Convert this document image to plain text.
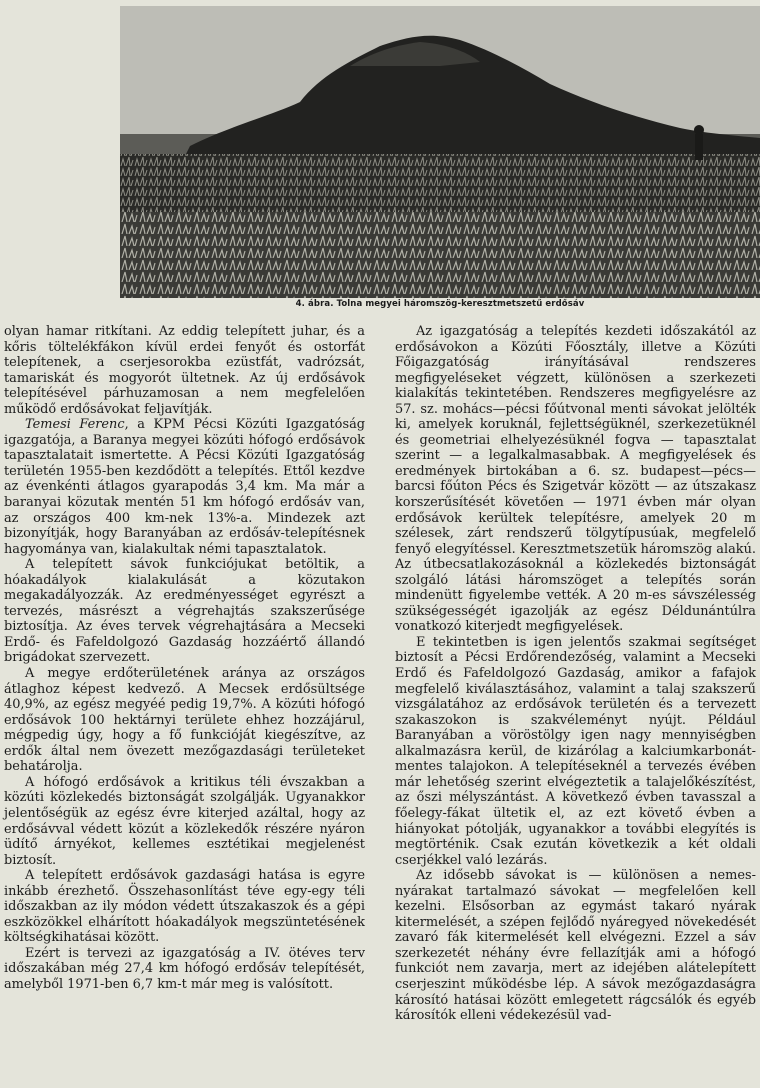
4. ábra. Tolna megyei háromszög-keresztmetszetű erdősáv

olyan hamar ritkítani. Az eddig telepített juhar, és a kőris töltelékfákon kívül erdei fenyőt és ostorfát telepítenek, a cserjesorokba ezüstfát, vadrózsát, tamariskát és mogyorót ültetnek. Az új erdősávok telepítésével párhuzamosan a nem megfelelően működő erdősávokat feljavítják.

Temesi Ferenc, a KPM Pécsi Közúti Igazgatóság igazgatója, a Baranya megyei közúti hófogó erdősávok tapasztalatait ismertette. A Pécsi Közúti Igazgatóság területén 1955-ben kezdődött a telepítés. Ettől kezdve az évenkénti átlagos gyarapodás 3,4 km. Ma már a baranyai közutak mentén 51 km hófogó erdősáv van, az országos 400 km-nek 13%-a. Mindezek azt bizonyítják, hogy Baranyában az erdősáv-telepítésnek hagyománya van, kialakultak némi tapasztalatok.

A telepített sávok funkciójukat betöltik, a hóakadályok kialakulását a közutakon megakadályozzák. Az eredményességet egyrészt a tervezés, másrészt a végrehajtás szakszerűsége biztosítja. Az éves tervek végrehajtására a Mecseki Erdő- és Fafeldolgozó Gazdaság hozzáértő állandó brigádokat szervezett.

A megye erdőterületének aránya az országos átlaghoz képest kedvező. A Mecsek erdősültsége 40,9%, az egész megyéé pedig 19,7%. A közúti hófogó erdősávok 100 hektárnyi területe ehhez hozzájárul, mégpedig úgy, hogy a fő funkcióját kiegészítve, az erdők által nem övezett mezőgazdasági területeket behatárolja.

A hófogó erdősávok a kritikus téli évszakban a közúti közlekedés biztonságát szolgálják. Ugyanakkor jelentőségük az egész évre kiterjed azáltal, hogy az erdősávval védett közút a közlekedők részére nyáron üdítő árnyékot, kellemes esztétikai megjelenést biztosít.

A telepített erdősávok gazdasági hatása is egyre inkább érezhető. Összehasonlítást téve egy-egy téli időszakban az ily módon védett útszakaszok és a gépi eszközökkel elhárított hóakadályok megszüntetésének költségkihatásai között.

Ezért is tervezi az igazgatóság a IV. ötéves terv időszakában még 27,4 km hófogó erdősáv telepítését, amelyből 1971-ben 6,7 km-t már meg is valósított.

Az igazgatóság a telepítés kezdeti időszakától az erdősávokon a Közúti Főosztály, illetve a Közúti Főigazgatóság irányításával rendszeres megfigyeléseket végzett, különösen a szerkezeti kialakítás tekintetében. Rendszeres megfigyelésre az 57. sz. mohács—pécsi főútvonal menti sávokat jelölték ki, amelyek koruknál, fejlettségüknél, szerkezetüknél és geometriai elhelyezésüknél fogva — tapasztalat szerint — a legalkalmasabbak. A megfigyelések és eredmények birtokában a 6. sz. budapest—pécs—barcsi főúton Pécs és Szigetvár között — az útszakasz korszerűsítését követően — 1971 évben már olyan erdősávok kerültek telepítésre, amelyek 20 m szélesek, zárt rendszerű tölgytípusúak, megfelelő fenyő elegyítéssel. Keresztmetszetük háromszög alakú. Az útbecsatlakozásoknál a közlekedés biztonságát szolgáló látási háromszöget a telepítés során mindenütt figyelembe vették. A 20 m-es sávszélesség szükségességét igazolják az egész Déldunántúlra vonatkozó kiterjedt megfigyelések.

E tekintetben is igen jelentős szakmai segítséget biztosít a Pécsi Erdőrendezőség, valamint a Mecseki Erdő és Fafeldolgozó Gazdaság, amikor a fafajok megfelelő kiválasztásához, valamint a talaj szakszerű vizsgálatához az erdősávok területén és a tervezett szakaszokon is szakvéleményt nyújt. Például Baranyában a vöröstölgy igen nagy mennyiségben alkalmazásra kerül, de kizárólag a kalciumkarbonát-mentes talajokon. A telepítéseknél a tervezés évében már lehetőség szerint elvégeztetik a talajelőkészítést, az őszi mélyszántást. A következő évben tavasszal a főelegy-fákat ültetik el, az ezt követő évben a hiányokat pótolják, ugyanakkor a további elegyítés is megtörténik. Csak ezután következik a két oldali cserjékkel való lezárás.

Az idősebb sávokat is — különösen a nemes-nyárakat tartalmazó sávokat — megfelelően kell kezelni. Elsősorban az egymást takaró nyárak kitermelését, a szépen fejlődő nyáregyed növekedését zavaró fák kitermelését kell elvégezni. Ezzel a sáv szerkezetét néhány évre fellazítják ami a hófogó funkciót nem zavarja, mert az idejében alátelepített cserjeszint működésbe lép. A sávok mezőgazdaságra károsító hatásai között emlegetett rágcsálók és egyéb károsítók elleni védekezésül vad-
